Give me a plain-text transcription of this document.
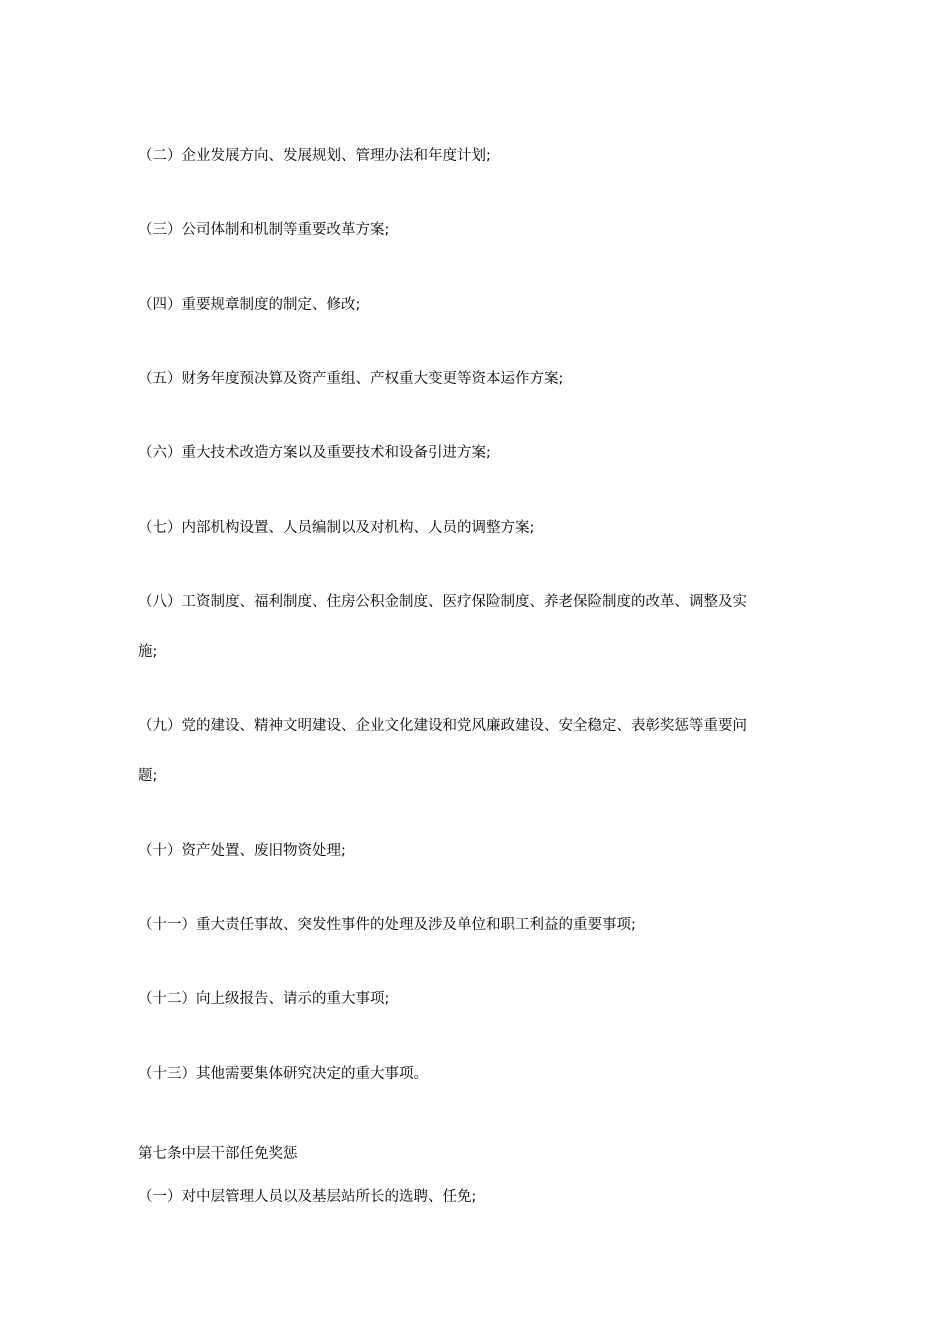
（二）企业发展方向、发展规划、管理办法和年度计划;
（三）公司体制和机制等重要改革方案;
（四）重要规章制度的制定、修改;
（五）财务年度预决算及资产重组、产权重大变更等资本运作方案;
（六）重大技术改造方案以及重要技术和设备引进方案;
（七）内部机构设置、人员编制以及对机构、人员的调整方案;
（八）工资制度、福利制度、住房公积金制度、医疗保险制度、养老保险制度的改革、调整及实
施;
（九）党的建设、精神文明建设、企业文化建设和党风廉政建设、安全稳定、表彰奖惩等重要问
题;
（十）资产处置、废旧物资处理;
（十一）重大责任事故、突发性事件的处理及涉及单位和职工利益的重要事项;
（十二）向上级报告、请示的重大事项;
（十三）其他需要集体研究决定的重大事项。
第七条中层干部任免奖惩
（一）对中层管理人员以及基层站所长的选聘、任免;
